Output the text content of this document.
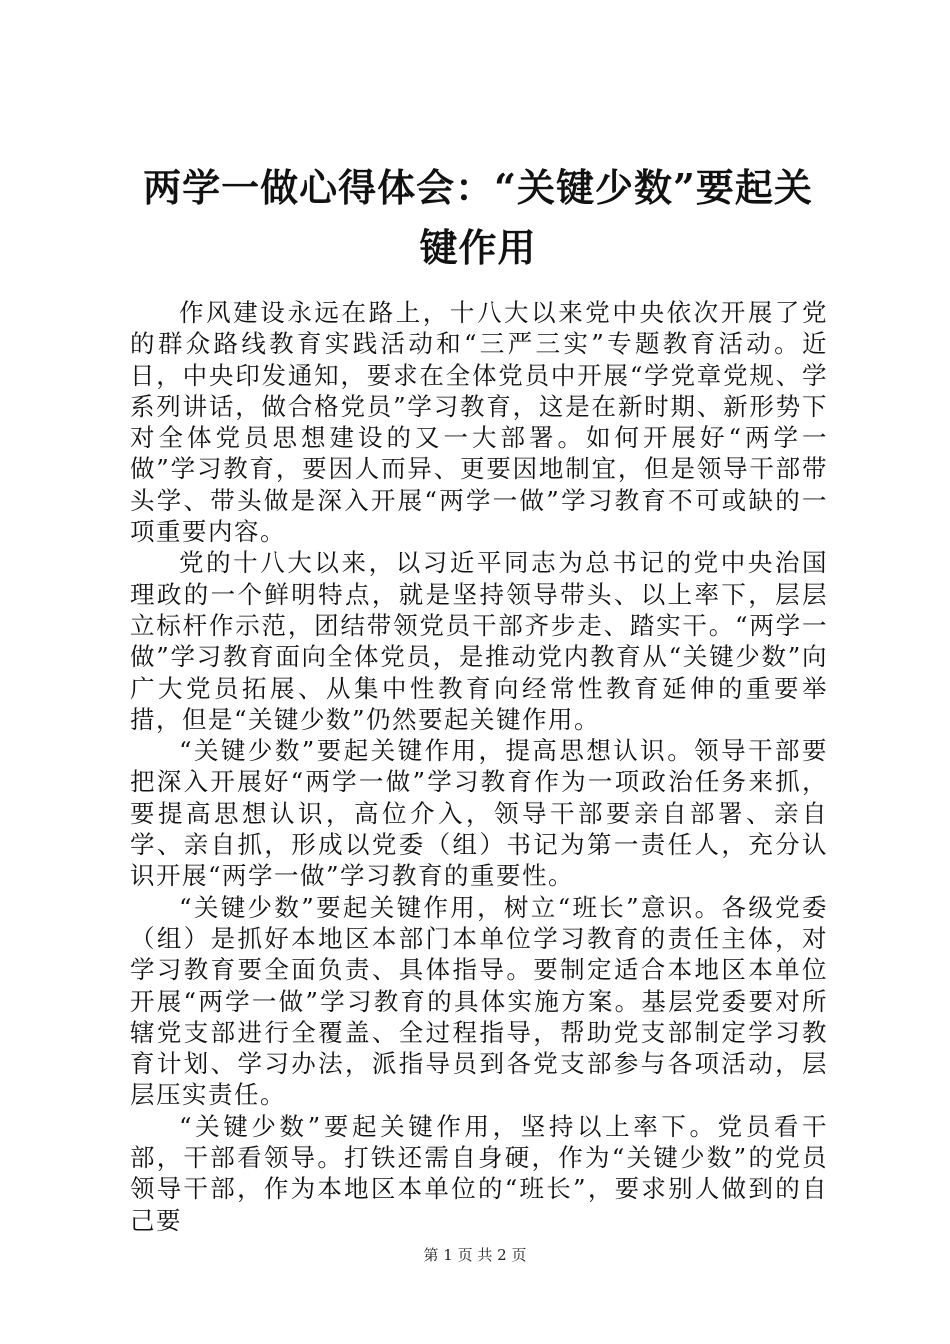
两学一做心得体会：“关键少数”要起关键作用

作风建设永远在路上，十八大以来党中央依次开展了党的群众路线教育实践活动和“三严三实”专题教育活动。近日，中央印发通知，要求在全体党员中开展“学党章党规、学系列讲话，做合格党员”学习教育，这是在新时期、新形势下对全体党员思想建设的又一大部署。如何开展好“两学一做”学习教育，要因人而异、更要因地制宜，但是领导干部带头学、带头做是深入开展“两学一做”学习教育不可或缺的一项重要内容。

党的十八大以来，以习近平同志为总书记的党中央治国理政的一个鲜明特点，就是坚持领导带头、以上率下，层层立标杆作示范，团结带领党员干部齐步走、踏实干。“两学一做”学习教育面向全体党员，是推动党内教育从“关键少数”向广大党员拓展、从集中性教育向经常性教育延伸的重要举措，但是“关键少数”仍然要起关键作用。

“关键少数”要起关键作用，提高思想认识。领导干部要把深入开展好“两学一做”学习教育作为一项政治任务来抓，要提高思想认识，高位介入，领导干部要亲自部署、亲自学、亲自抓，形成以党委（组）书记为第一责任人，充分认识开展“两学一做”学习教育的重要性。

“关键少数”要起关键作用，树立“班长”意识。各级党委（组）是抓好本地区本部门本单位学习教育的责任主体，对学习教育要全面负责、具体指导。要制定适合本地区本单位开展“两学一做”学习教育的具体实施方案。基层党委要对所辖党支部进行全覆盖、全过程指导，帮助党支部制定学习教育计划、学习办法，派指导员到各党支部参与各项活动，层层压实责任。

“关键少数”要起关键作用，坚持以上率下。党员看干部，干部看领导。打铁还需自身硬，作为“关键少数”的党员领导干部，作为本地区本单位的“班长”，要求别人做到的自己要

第 1 页 共 2 页
